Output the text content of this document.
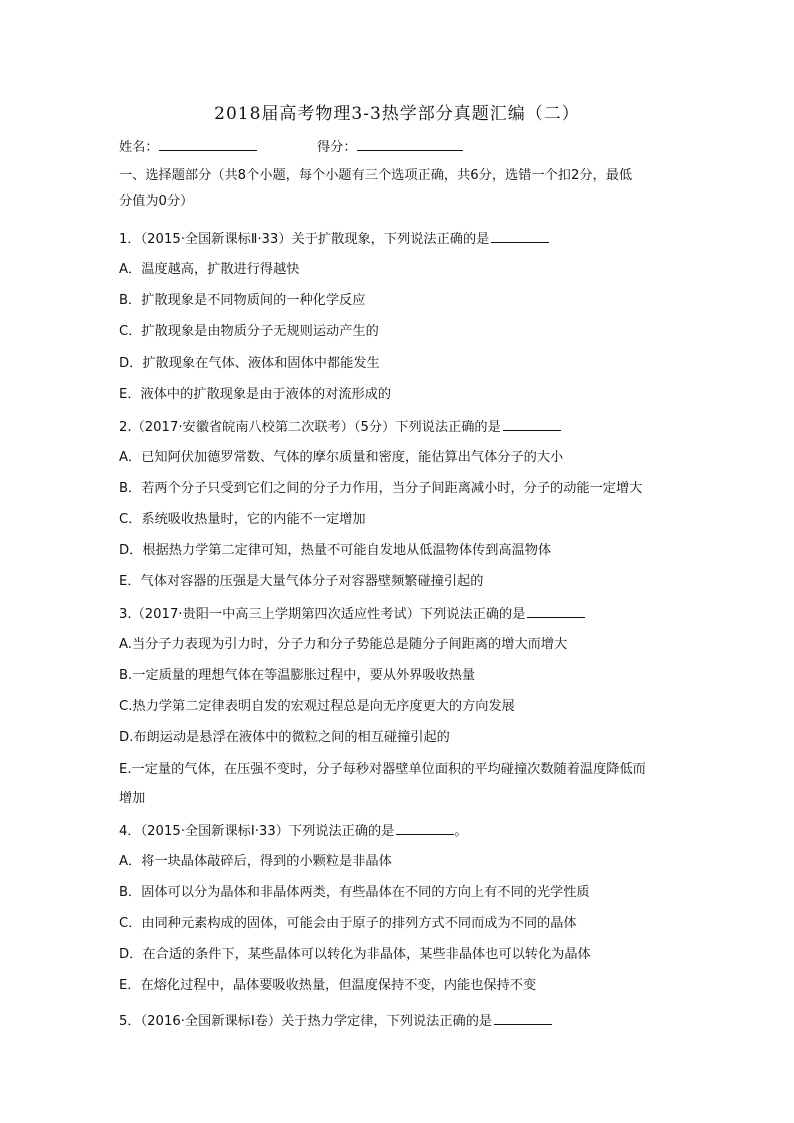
2018届高考物理3-3热学部分真题汇编（二）
姓名：	得分：
一、选择题部分（共8个小题，每个小题有三个选项正确，共6分，选错一个扣2分，最低
分值为0分）
1．（2015·全国新课标Ⅱ·33）关于扩散现象，下列说法正确的是
A．温度越高，扩散进行得越快
B．扩散现象是不同物质间的一种化学反应
C．扩散现象是由物质分子无规则运动产生的
D．扩散现象在气体、液体和固体中都能发生
E．液体中的扩散现象是由于液体的对流形成的
2.（2017·安徽省皖南八校第二次联考）（5分）下列说法正确的是
A．已知阿伏加德罗常数、气体的摩尔质量和密度，能估算出气体分子的大小
B．若两个分子只受到它们之间的分子力作用，当分子间距离减小时，分子的动能一定增大
C．系统吸收热量时，它的内能不一定增加
D．根据热力学第二定律可知，热量不可能自发地从低温物体传到高温物体
E．气体对容器的压强是大量气体分子对容器壁频繁碰撞引起的
3.（2017·贵阳一中高三上学期第四次适应性考试）下列说法正确的是
A.当分子力表现为引力时，分子力和分子势能总是随分子间距离的增大而增大
B.一定质量的理想气体在等温膨胀过程中，要从外界吸收热量
C.热力学第二定律表明自发的宏观过程总是向无序度更大的方向发展
D.布朗运动是悬浮在液体中的微粒之间的相互碰撞引起的
E.一定量的气体，在压强不变时，分子每秒对器壁单位面积的平均碰撞次数随着温度降低而
增加
4．（2015·全国新课标Ⅰ·33）下列说法正确的是	。
A．将一块晶体敲碎后，得到的小颗粒是非晶体
B．固体可以分为晶体和非晶体两类，有些晶体在不同的方向上有不同的光学性质
C．由同种元素构成的固体，可能会由于原子的排列方式不同而成为不同的晶体
D．在合适的条件下，某些晶体可以转化为非晶体，某些非晶体也可以转化为晶体
E．在熔化过程中，晶体要吸收热量，但温度保持不变，内能也保持不变
5．（2016·全国新课标Ⅰ卷）关于热力学定律，下列说法正确的是
